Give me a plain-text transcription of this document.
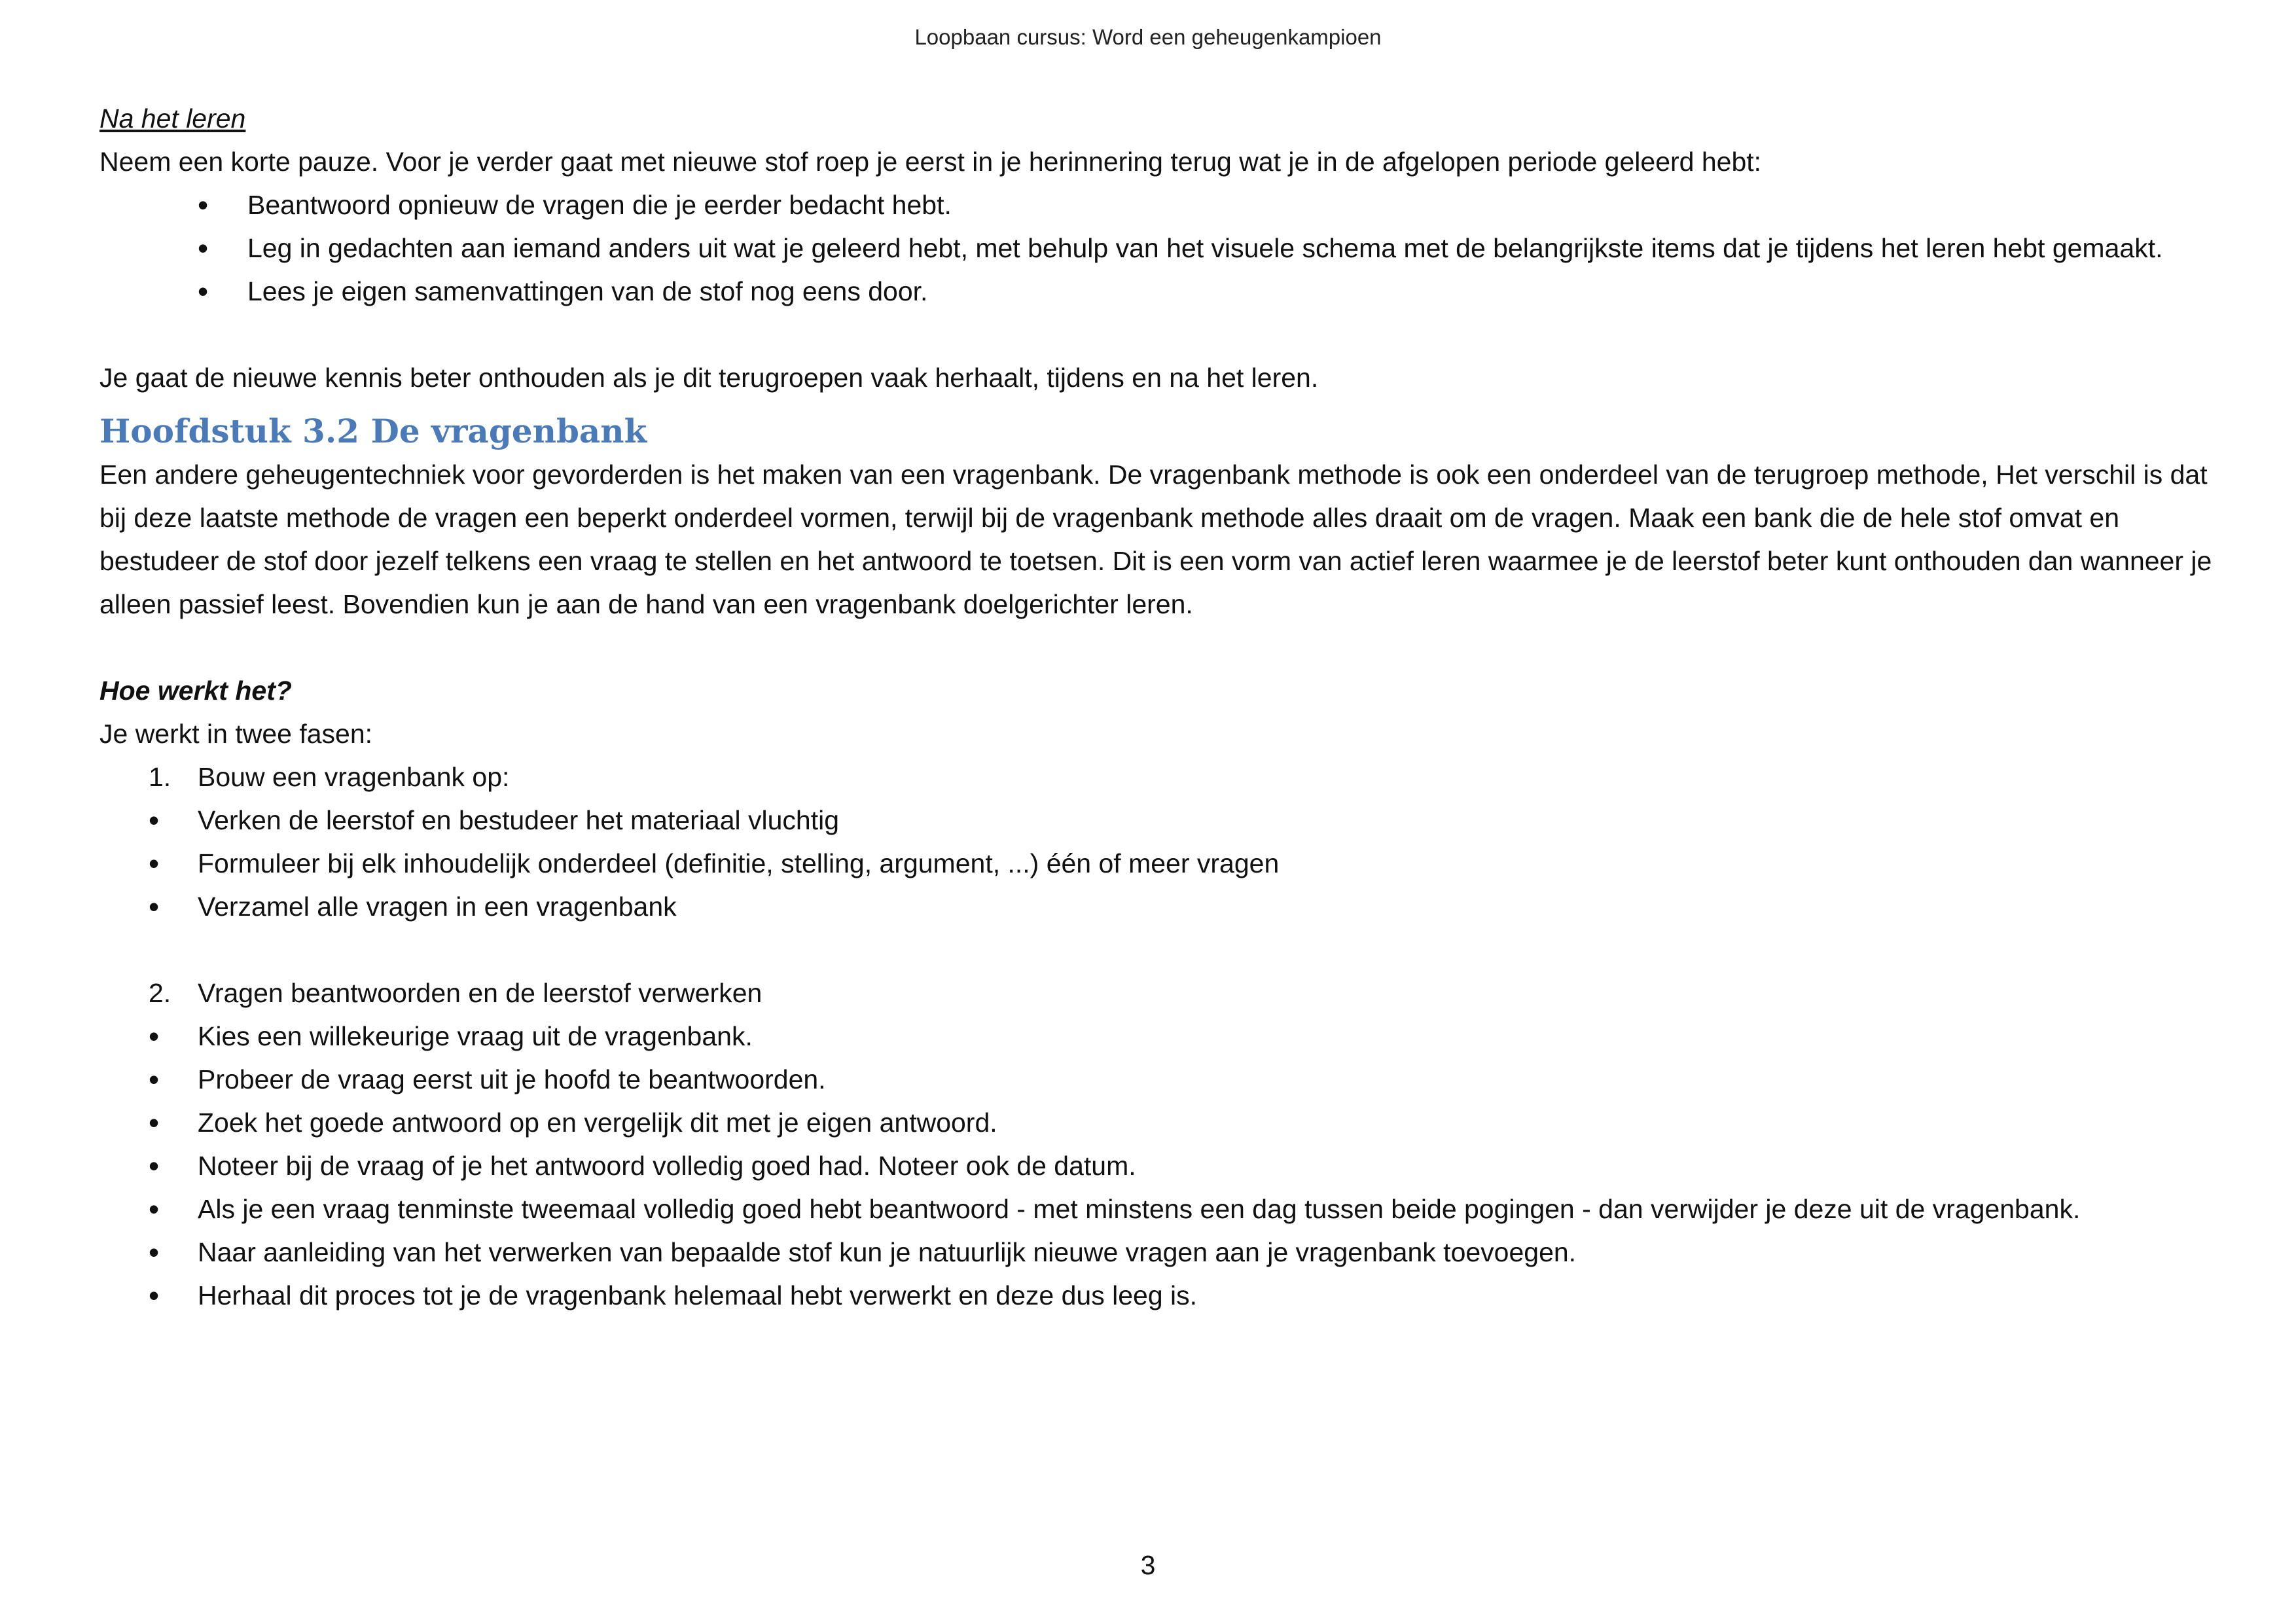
Loopbaan cursus: Word een geheugenkampioen

Na het leren

Neem een korte pauze. Voor je verder gaat met nieuwe stof roep je eerst in je herinnering terug wat je in de afgelopen periode geleerd hebt:

• Beantwoord opnieuw de vragen die je eerder bedacht hebt.
• Leg in gedachten aan iemand anders uit wat je geleerd hebt, met behulp van het visuele schema met de belangrijkste items dat je tijdens het leren hebt gemaakt.
• Lees je eigen samenvattingen van de stof nog eens door.

Je gaat de nieuwe kennis beter onthouden als je dit terugroepen vaak herhaalt, tijdens en na het leren.

Hoofdstuk 3.2 De vragenbank

Een andere geheugentechniek voor gevorderden is het maken van een vragenbank. De vragenbank methode is ook een onderdeel van de terugroep methode, Het verschil is dat bij deze laatste methode de vragen een beperkt onderdeel vormen, terwijl bij de vragenbank methode alles draait om de vragen. Maak een bank die de hele stof omvat en bestudeer de stof door jezelf telkens een vraag te stellen en het antwoord te toetsen. Dit is een vorm van actief leren waarmee je de leerstof beter kunt onthouden dan wanneer je alleen passief leest. Bovendien kun je aan de hand van een vragenbank doelgerichter leren.

Hoe werkt het?

Je werkt in twee fasen:

1. Bouw een vragenbank op:
• Verken de leerstof en bestudeer het materiaal vluchtig
• Formuleer bij elk inhoudelijk onderdeel (definitie, stelling, argument, ...) één of meer vragen
• Verzamel alle vragen in een vragenbank
2. Vragen beantwoorden en de leerstof verwerken
• Kies een willekeurige vraag uit de vragenbank.
• Probeer de vraag eerst uit je hoofd te beantwoorden.
• Zoek het goede antwoord op en vergelijk dit met je eigen antwoord.
• Noteer bij de vraag of je het antwoord volledig goed had. Noteer ook de datum.
• Als je een vraag tenminste tweemaal volledig goed hebt beantwoord - met minstens een dag tussen beide pogingen - dan verwijder je deze uit de vragenbank.
• Naar aanleiding van het verwerken van bepaalde stof kun je natuurlijk nieuwe vragen aan je vragenbank toevoegen.
• Herhaal dit proces tot je de vragenbank helemaal hebt verwerkt en deze dus leeg is.
3
